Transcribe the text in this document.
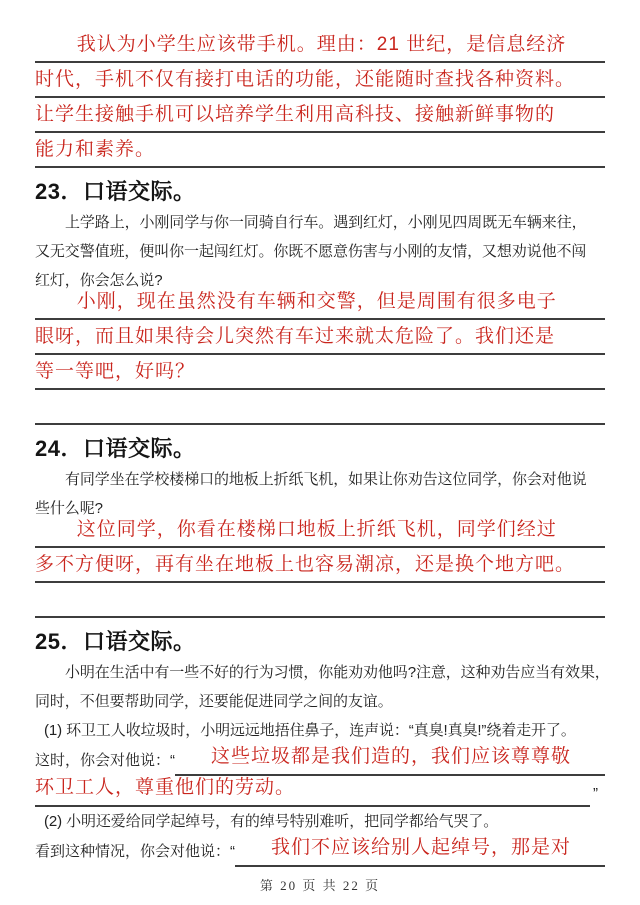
我认为小学生应该带手机。理由：21 世纪，是信息经济
时代，手机不仅有接打电话的功能，还能随时查找各种资料。
让学生接触手机可以培养学生利用高科技、接触新鲜事物的
能力和素养。
23．口语交际。
上学路上，小刚同学与你一同骑自行车。遇到红灯，小刚见四周既无车辆来往，
又无交警值班，便叫你一起闯红灯。你既不愿意伤害与小刚的友情，又想劝说他不闯
红灯，你会怎么说?
小刚，现在虽然没有车辆和交警，但是周围有很多电子
眼呀，而且如果待会儿突然有车过来就太危险了。我们还是
等一等吧，好吗？
24．口语交际。
有同学坐在学校楼梯口的地板上折纸飞机，如果让你劝告这位同学，你会对他说
些什么呢?
这位同学，你看在楼梯口地板上折纸飞机，同学们经过
多不方便呀，再有坐在地板上也容易潮凉，还是换个地方吧。
25．口语交际。
小明在生活中有一些不好的行为习惯，你能劝劝他吗?注意，这种劝告应当有效果，
同时，不但要帮助同学，还要能促进同学之间的友谊。
(1) 环卫工人收垃圾时，小明远远地捂住鼻子，连声说：“真臭!真臭!”绕着走开了。
这时，你会对他说：“	这些垃圾都是我们造的，我们应该尊尊敬
环卫工人，尊重他们的劳动。	”
(2) 小明还爱给同学起绰号，有的绰号特别难听，把同学都给气哭了。
看到这种情况，你会对他说：“	我们不应该给别人起绰号，那是对
第 20 页 共 22 页
